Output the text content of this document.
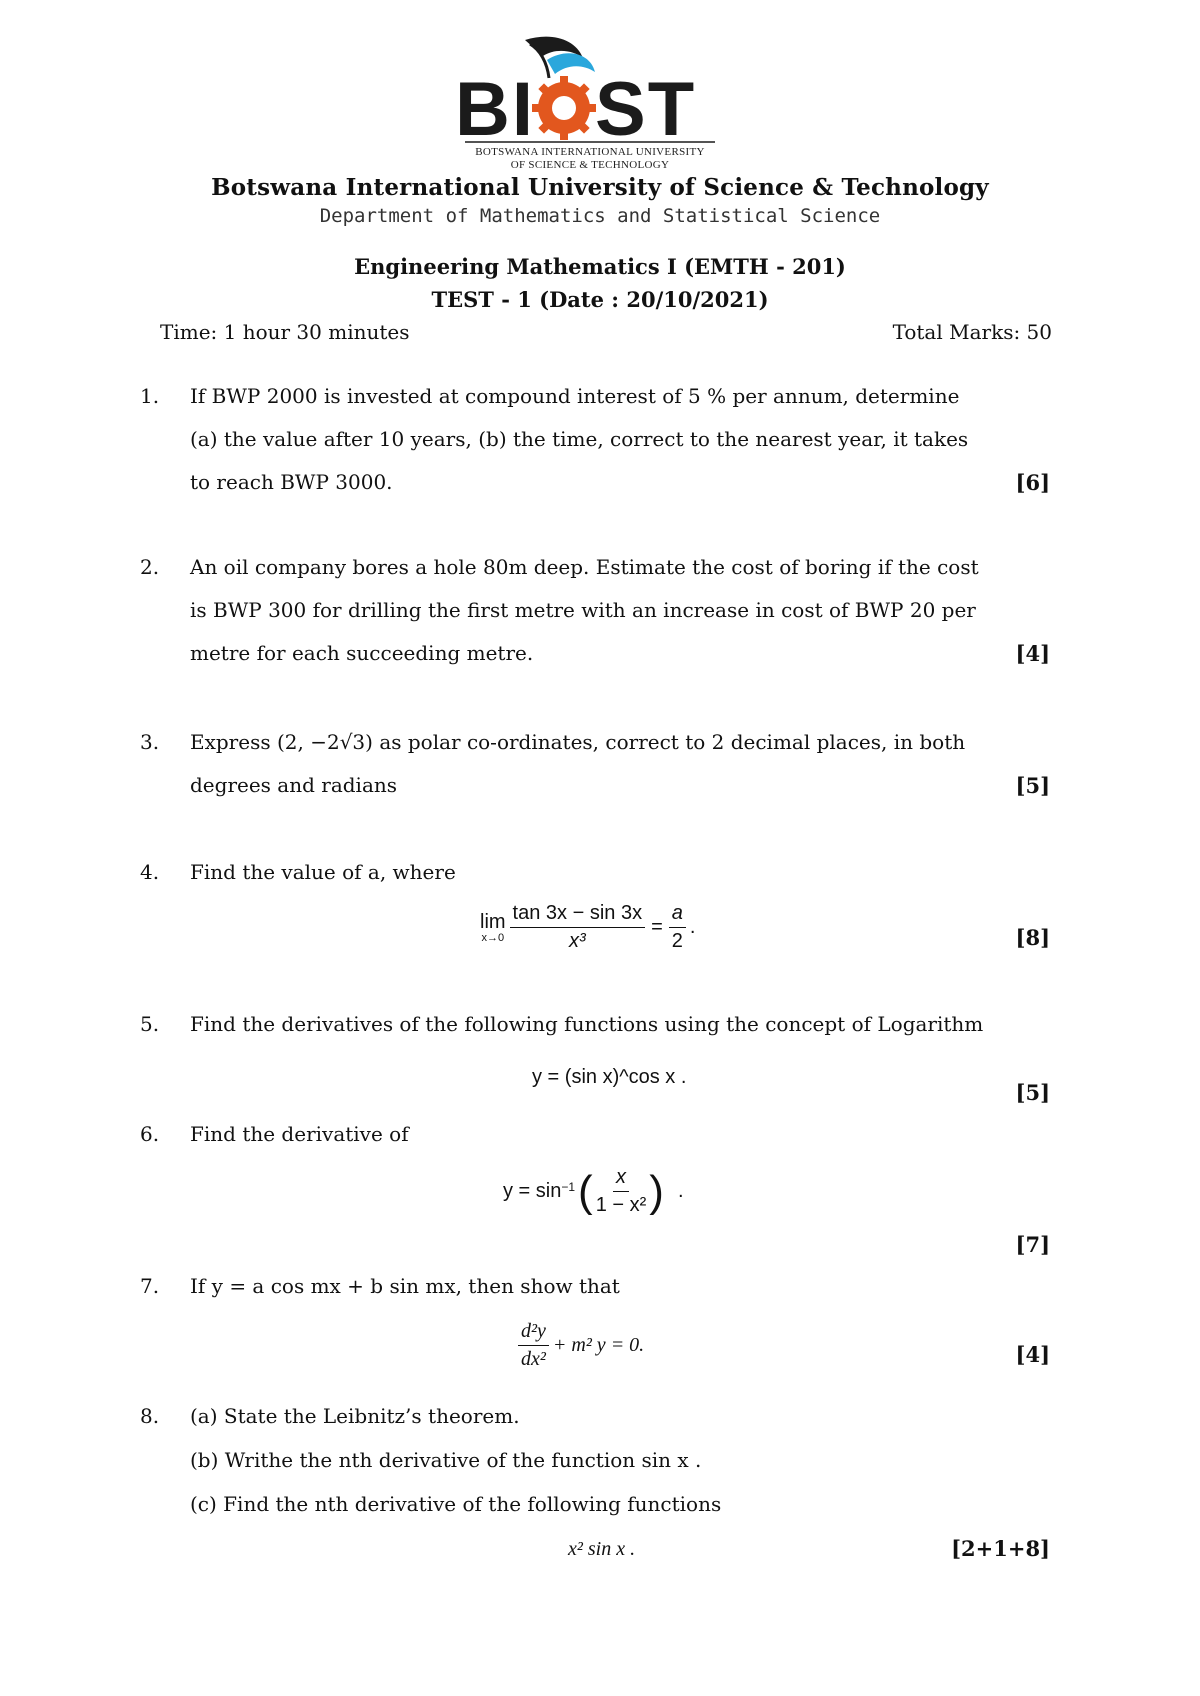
BI ST
BOTSWANA INTERNATIONAL UNIVERSITY
OF SCIENCE & TECHNOLOGY
Botswana International University of Science & Technology
Department of Mathematics and Statistical Science
Engineering Mathematics I (EMTH - 201)
TEST - 1 (Date : 20/10/2021)
Time: 1 hour 30 minutes	Total Marks: 50
1.	If BWP 2000 is invested at compound interest of 5 % per annum, determine
(a) the value after 10 years, (b) the time, correct to the nearest year, it takes
to reach BWP 3000.	[6]
2.	An oil company bores a hole 80m deep. Estimate the cost of boring if the cost
is BWP 300 for drilling the first metre with an increase in cost of BWP 20 per
metre for each succeeding metre.	[4]
3.	Express (2, −2√3) as polar co-ordinates, correct to 2 decimal places, in both
degrees and radians	[5]
4.	Find the value of a, where
lim
$x\to 0 \frac{\tan 3x - \sin 3x}{\text{x³}} = \frac{a}{2}$ .	[8]
5.	Find the derivatives of the following functions using the concept of Logarithm
y = (sin x)^cos x .
[5]
6.	Find the derivative of
$y = \sin^{-1}$ ( $\frac{x}{\text{1 − x²}}$ ) .
[7]
7.	If y = a cos mx + b sin mx, then show that
$\frac{\text{d²y}}{\text{dx²}} + m^2$ y = 0.	[4]
8.	(a) State the Leibnitz’s theorem.
(b) Writhe the nth derivative of the function sin x .
(c) Find the nth derivative of the following functions
x² sin x .	[2+1+8]
